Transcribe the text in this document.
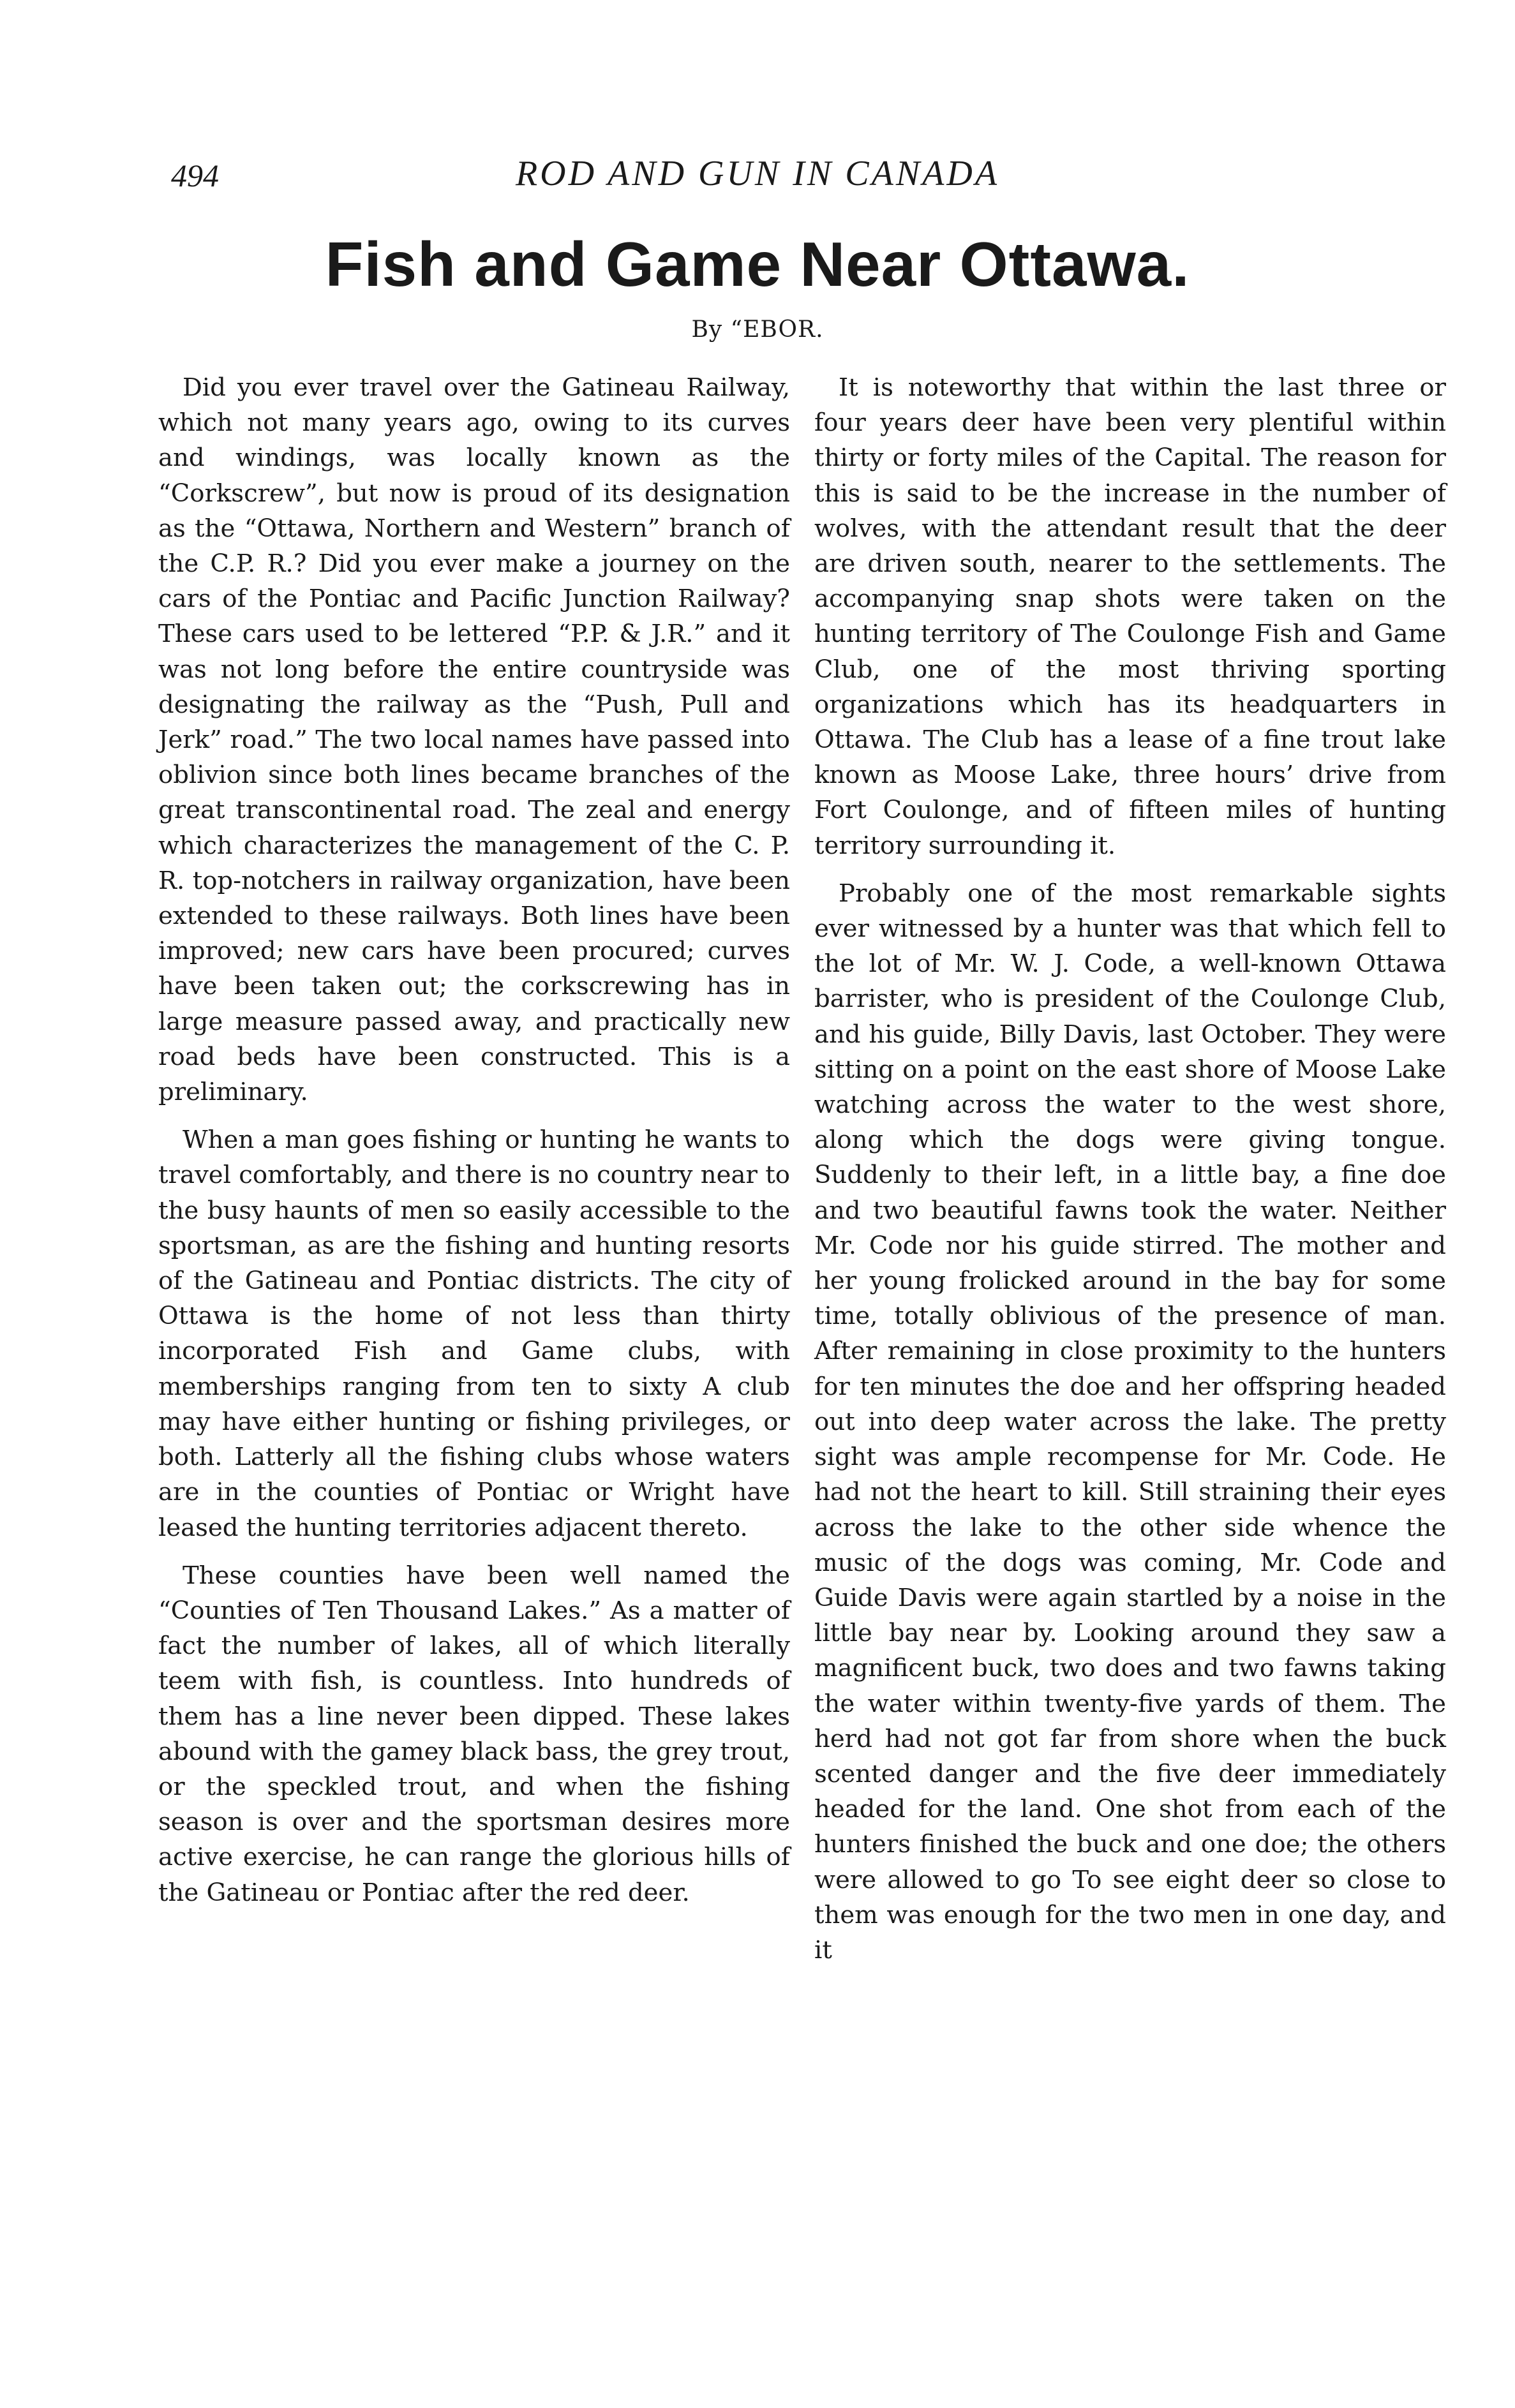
494	ROD AND GUN IN CANADA
Fish and Game Near Ottawa.
By “EBOR.

Did you ever travel over the Gatineau Railway, which not many years ago, owing to its curves and windings, was locally known as the “Corkscrew”, but now is proud of its designation as the “Ottawa, Northern and Western” branch of the C.P. R.? Did you ever make a journey on the cars of the Pontiac and Pacific Junction Railway? These cars used to be lettered “P.P. & J.R.” and it was not long before the entire countryside was designating the railway as the “Push, Pull and Jerk” road.” The two local names have passed into oblivion since both lines became branches of the great transcontinental road. The zeal and energy which characterizes the management of the C. P. R. top-notchers in railway organization, have been extended to these railways. Both lines have been improved; new cars have been procured; curves have been taken out; the corkscrewing has in large measure passed away, and practically new road beds have been constructed. This is a preliminary.

When a man goes fishing or hunting he wants to travel comfortably, and there is no country near to the busy haunts of men so easily accessible to the sportsman, as are the fishing and hunting resorts of the Gatineau and Pontiac districts. The city of Ottawa is the home of not less than thirty incorporated Fish and Game clubs, with memberships ranging from ten to sixty A club may have either hunting or fishing privileges, or both. Latterly all the fishing clubs whose waters are in the counties of Pontiac or Wright have leased the hunting territories adjacent thereto.

These counties have been well named the “Counties of Ten Thousand Lakes.” As a matter of fact the number of lakes, all of which literally teem with fish, is countless. Into hundreds of them has a line never been dipped. These lakes abound with the gamey black bass, the grey trout, or the speckled trout, and when the fishing season is over and the sportsman desires more active exercise, he can range the glorious hills of the Gatineau or Pontiac after the red deer.

It is noteworthy that within the last three or four years deer have been very plentiful within thirty or forty miles of the Capital. The reason for this is said to be the increase in the number of wolves, with the attendant result that the deer are driven south, nearer to the settlements. The accompanying snap shots were taken on the hunting territory of The Coulonge Fish and Game Club, one of the most thriving sporting organizations which has its headquarters in Ottawa. The Club has a lease of a fine trout lake known as Moose Lake, three hours’ drive from Fort Coulonge, and of fifteen miles of hunting territory surrounding it.

Probably one of the most remarkable sights ever witnessed by a hunter was that which fell to the lot of Mr. W. J. Code, a well-known Ottawa barrister, who is president of the Coulonge Club, and his guide, Billy Davis, last October. They were sitting on a point on the east shore of Moose Lake watching across the water to the west shore, along which the dogs were giving tongue. Suddenly to their left, in a little bay, a fine doe and two beautiful fawns took the water. Neither Mr. Code nor his guide stirred. The mother and her young frolicked around in the bay for some time, totally oblivious of the presence of man. After remaining in close proximity to the hunters for ten minutes the doe and her offspring headed out into deep water across the lake. The pretty sight was ample recompense for Mr. Code. He had not the heart to kill. Still straining their eyes across the lake to the other side whence the music of the dogs was coming, Mr. Code and Guide Davis were again startled by a noise in the little bay near by. Looking around they saw a magnificent buck, two does and two fawns taking the water within twenty-five yards of them. The herd had not got far from shore when the buck scented danger and the five deer immediately headed for the land. One shot from each of the hunters finished the buck and one doe; the others were allowed to go To see eight deer so close to them was enough for the two men in one day, and it
